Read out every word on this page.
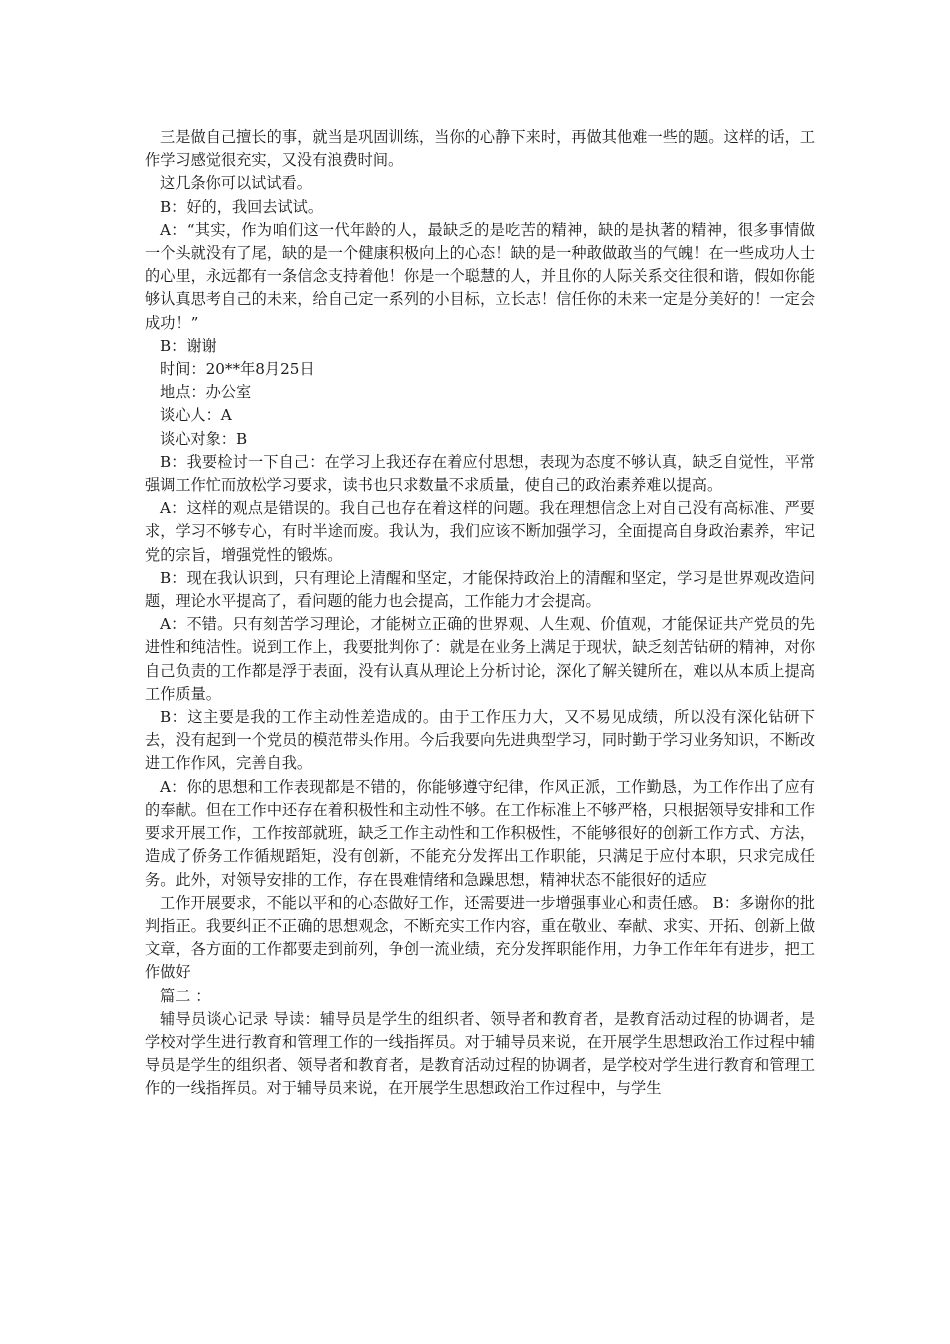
三是做自己擅长的事，就当是巩固训练，当你的心静下来时，再做其他难一些的题。这样的话，工作学习感觉很充实，又没有浪费时间。

这几条你可以试试看。

B：好的，我回去试试。

A：“其实，作为咱们这一代年龄的人，最缺乏的是吃苦的精神，缺的是执著的精神，很多事情做一个头就没有了尾，缺的是一个健康积极向上的心态！缺的是一种敢做敢当的气魄！在一些成功人士的心里，永远都有一条信念支持着他！你是一个聪慧的人，并且你的人际关系交往很和谐，假如你能够认真思考自己的未来，给自己定一系列的小目标，立长志！信任你的未来一定是分美好的！一定会成功！”

B：谢谢

时间：20**年8月25日

地点：办公室

谈心人：A

谈心对象：B

B：我要检讨一下自己：在学习上我还存在着应付思想，表现为态度不够认真，缺乏自觉性，平常强调工作忙而放松学习要求，读书也只求数量不求质量，使自己的政治素养难以提高。

A：这样的观点是错误的。我自己也存在着这样的问题。我在理想信念上对自己没有高标准、严要求，学习不够专心，有时半途而废。我认为，我们应该不断加强学习，全面提高自身政治素养，牢记党的宗旨，增强党性的锻炼。

B：现在我认识到，只有理论上清醒和坚定，才能保持政治上的清醒和坚定，学习是世界观改造问题，理论水平提高了，看问题的能力也会提高，工作能力才会提高。

A：不错。只有刻苦学习理论，才能树立正确的世界观、人生观、价值观，才能保证共产党员的先进性和纯洁性。说到工作上，我要批判你了：就是在业务上满足于现状，缺乏刻苦钻研的精神，对你自己负责的工作都是浮于表面，没有认真从理论上分析讨论，深化了解关键所在，难以从本质上提高工作质量。

B：这主要是我的工作主动性差造成的。由于工作压力大，又不易见成绩，所以没有深化钻研下去，没有起到一个党员的模范带头作用。今后我要向先进典型学习，同时勤于学习业务知识，不断改进工作作风，完善自我。

A：你的思想和工作表现都是不错的，你能够遵守纪律，作风正派，工作勤恳，为工作作出了应有的奉献。但在工作中还存在着积极性和主动性不够。在工作标准上不够严格，只根据领导安排和工作要求开展工作，工作按部就班，缺乏工作主动性和工作积极性，不能够很好的创新工作方式、方法，造成了侨务工作循规蹈矩，没有创新，不能充分发挥出工作职能，只满足于应付本职，只求完成任务。此外，对领导安排的工作，存在畏难情绪和急躁思想，精神状态不能很好的适应

工作开展要求，不能以平和的心态做好工作，还需要进一步增强事业心和责任感。 B：多谢你的批判指正。我要纠正不正确的思想观念，不断充实工作内容，重在敬业、奉献、求实、开拓、创新上做文章，各方面的工作都要走到前列，争创一流业绩，充分发挥职能作用，力争工作年年有进步，把工作做好

篇二 ：

辅导员谈心记录 导读：辅导员是学生的组织者、领导者和教育者，是教育活动过程的协调者，是学校对学生进行教育和管理工作的一线指挥员。对于辅导员来说，在开展学生思想政治工作过程中辅导员是学生的组织者、领导者和教育者，是教育活动过程的协调者，是学校对学生进行教育和管理工作的一线指挥员。对于辅导员来说，在开展学生思想政治工作过程中，与学生
